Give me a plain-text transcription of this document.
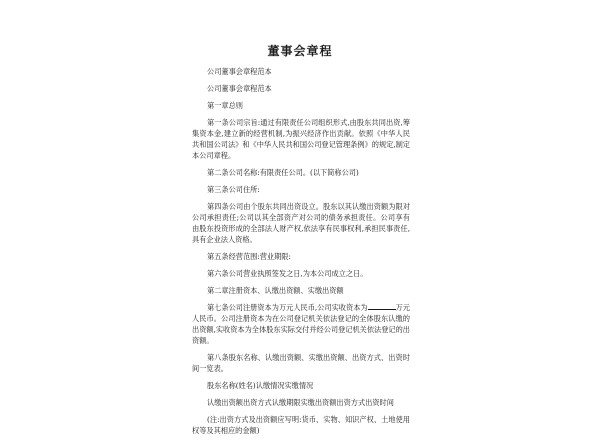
董事会章程

公司董事会章程范本

公司董事会章程范本

第一章总则

第一条公司宗旨:通过有限责任公司组织形式,由股东共同出资,筹集资本金,建立新的经营机制,为振兴经济作出贡献。依照《中华人民共和国公司法》和《中华人民共和国公司登记管理条例》的规定,制定本公司章程。

第二条公司名称:有限责任公司。(以下简称公司)

第三条公司住所:

第四条公司由个股东共同出资设立。股东以其认缴出资额为限对公司承担责任;公司以其全部资产对公司的债务承担责任。公司享有由股东投资形成的全部法人财产权,依法享有民事权利,承担民事责任,具有企业法人资格。

第五条经营范围:营业期限:

第六条公司营业执照签发之日,为本公司成立之日。

第二章注册资本、认缴出资额、实缴出资额

第七条公司注册资本为万元人民币,公司实收资本为	万元人民币。公司注册资本为在公司登记机关依法登记的全体股东认缴的出资额,实收资本为全体股东实际交付并经公司登记机关依法登记的出资额。

第八条股东名称、认缴出资额、实缴出资额、出资方式、出资时间一览表。

股东名称(姓名)认缴情况实缴情况

认缴出资额出资方式认缴期限实缴出资额出资方式出资时间

(注:出资方式及出资额应写明:货币、实物、知识产权、土地使用权等及其相应的金额)
